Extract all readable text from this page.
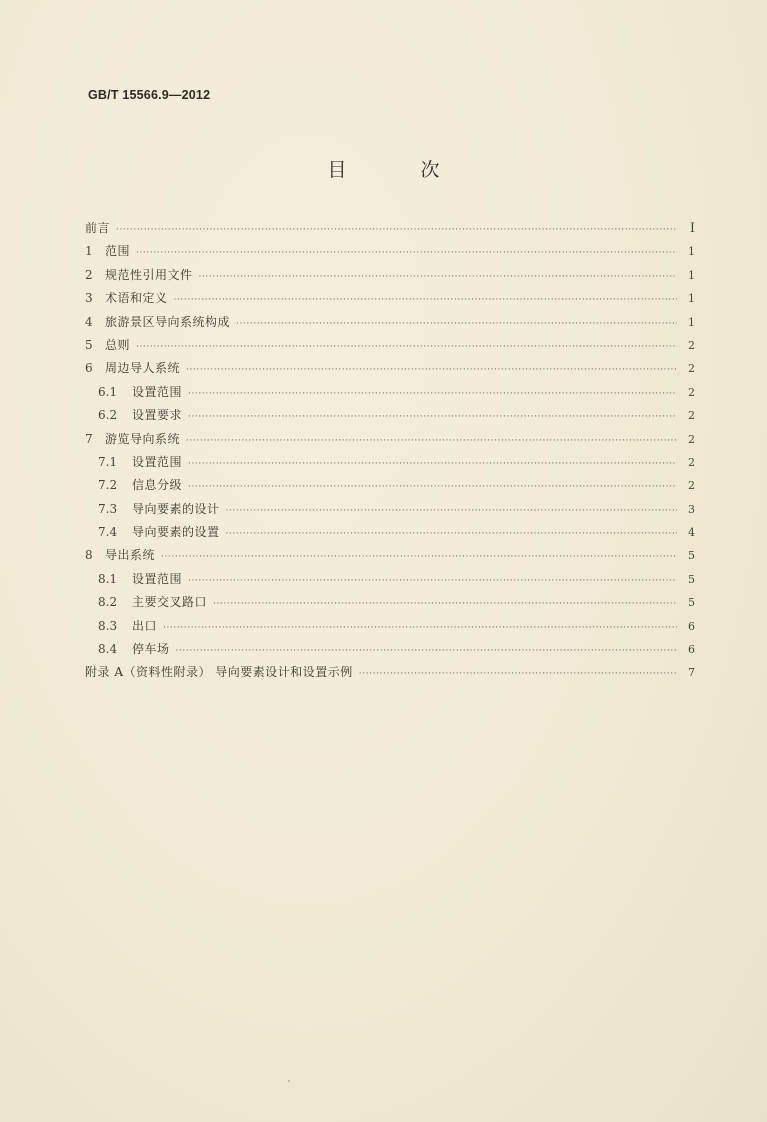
GB/T 15566.9—2012
目 次
前言 ·····	Ⅰ
1	范围 ·····	1
2	规范性引用文件 ·····	1
3	术语和定义 ·····	1
4	旅游景区导向系统构成 ·····	1
5	总则 ·····	2
6	周边导人系统 ·····	2
6.1	设置范围 ·····	2
6.2	设置要求 ·····	2
7	游览导向系统 ·····	2
7.1	设置范围 ·····	2
7.2	信息分级 ·····	2
7.3	导向要素的设计 ·····	3
7.4	导向要素的设置 ·····	4
8	导出系统 ·····	5
8.1	设置范围 ·····	5
8.2	主要交叉路口 ·····	5
8.3	出口 ·····	6
8.4	停车场 ·····	6
附录 A（资料性附录） 导向要素设计和设置示例 ·····	7
